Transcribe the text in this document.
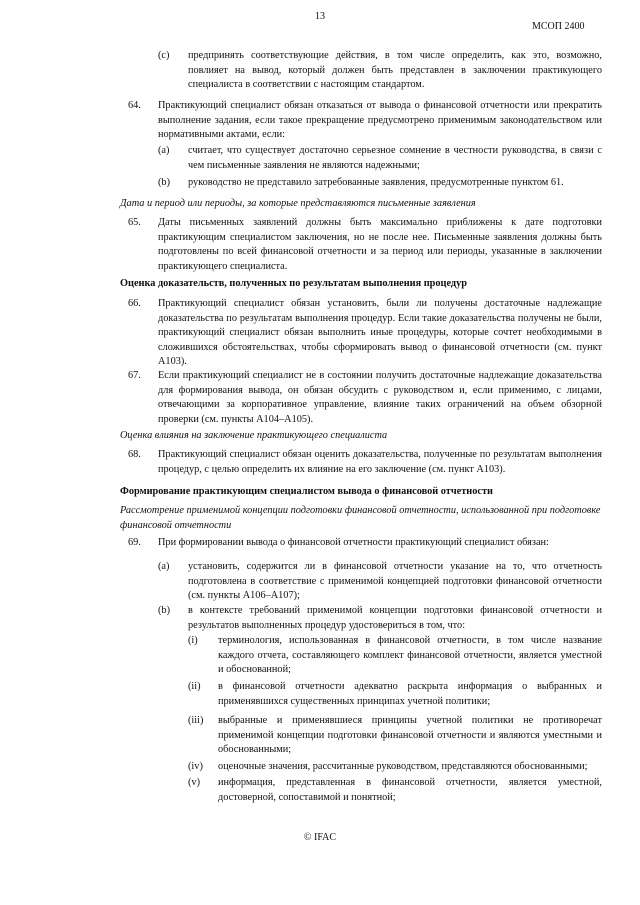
13
МСОП 2400
(c) предпринять соответствующие действия, в том числе определить, как это, возможно, повлияет на вывод, который должен быть представлен в заключении практикующего специалиста в соответствии с настоящим стандартом.
64. Практикующий специалист обязан отказаться от вывода о финансовой отчетности или прекратить выполнение задания, если такое прекращение предусмотрено применимым законодательством или нормативными актами, если:
(a) считает, что существует достаточно серьезное сомнение в честности руководства, в связи с чем письменные заявления не являются надежными;
(b) руководство не представило затребованные заявления, предусмотренные пунктом 61.
Дата и период или периоды, за которые представляются письменные заявления
65. Даты письменных заявлений должны быть максимально приближены к дате подготовки практикующим специалистом заключения, но не после нее. Письменные заявления должны быть подготовлены по всей финансовой отчетности и за период или периоды, указанные в заключении практикующего специалиста.
Оценка доказательств, полученных по результатам выполнения процедур
66. Практикующий специалист обязан установить, были ли получены достаточные надлежащие доказательства по результатам выполнения процедур. Если такие доказательства получены не были, практикующий специалист обязан выполнить иные процедуры, которые сочтет необходимыми в сложившихся обстоятельствах, чтобы сформировать вывод о финансовой отчетности (см. пункт A103).
67. Если практикующий специалист не в состоянии получить достаточные надлежащие доказательства для формирования вывода, он обязан обсудить с руководством и, если применимо, с лицами, отвечающими за корпоративное управление, влияние таких ограничений на объем обзорной проверки (см. пункты A104–A105).
Оценка влияния на заключение практикующего специалиста
68. Практикующий специалист обязан оценить доказательства, полученные по результатам выполнения процедур, с целью определить их влияние на его заключение (см. пункт A103).
Формирование практикующим специалистом вывода о финансовой отчетности
Рассмотрение применимой концепции подготовки финансовой отчетности, использованной при подготовке финансовой отчетности
69. При формировании вывода о финансовой отчетности практикующий специалист обязан:
(a) установить, содержится ли в финансовой отчетности указание на то, что отчетность подготовлена в соответствие с применимой концепцией подготовки финансовой отчетности (см. пункты A106–A107);
(b) в контексте требований применимой концепции подготовки финансовой отчетности и результатов выполненных процедур удостовериться в том, что:
(i) терминология, использованная в финансовой отчетности, в том числе название каждого отчета, составляющего комплект финансовой отчетности, является уместной и обоснованной;
(ii) в финансовой отчетности адекватно раскрыта информация о выбранных и применявшихся существенных принципах учетной политики;
(iii) выбранные и применявшиеся принципы учетной политики не противоречат применимой концепции подготовки финансовой отчетности и являются уместными и обоснованными;
(iv) оценочные значения, рассчитанные руководством, представляются обоснованными;
(v) информация, представленная в финансовой отчетности, является уместной, достоверной, сопоставимой и понятной;
© IFAC
